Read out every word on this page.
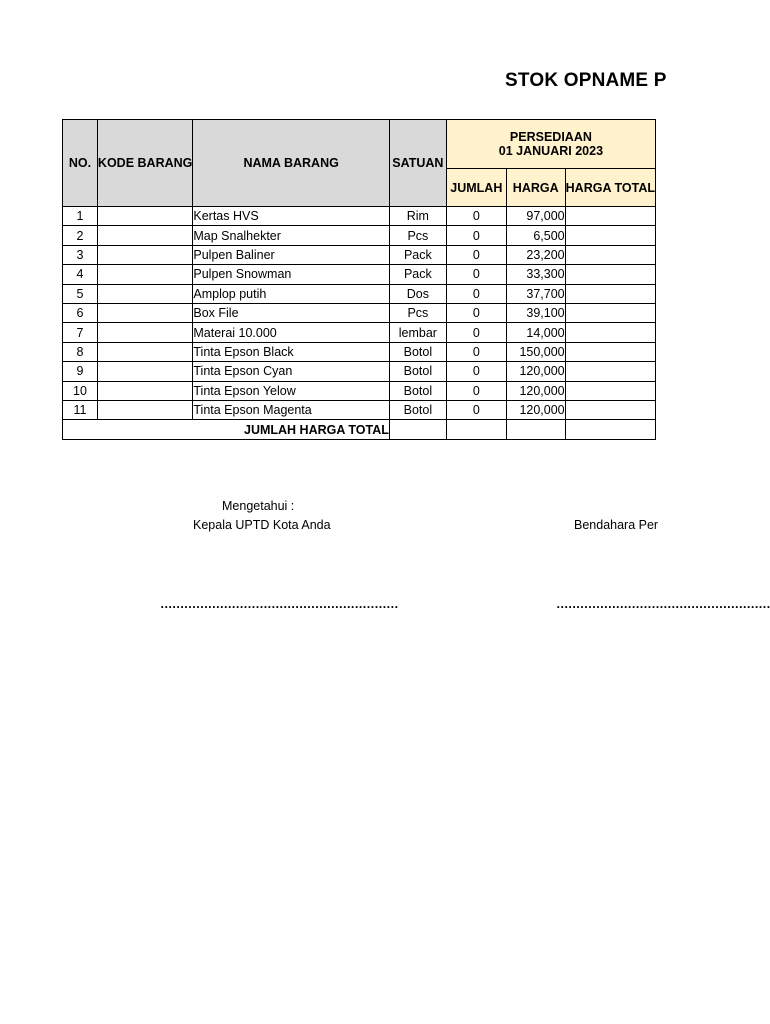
STOK OPNAME P
NO.	KODE BARANG	NAMA BARANG	SATUAN	PERSEDIAAN
01 JANUARI 2023		

				JUMLAH	HARGA	HARGA TOTAL
1		Kertas HVS	Rim	0	97,000	
2		Map Snalhekter	Pcs	0	6,500	
3		Pulpen Baliner	Pack	0	23,200	
4		Pulpen Snowman	Pack	0	33,300	
5		Amplop putih	Dos	0	37,700	
6		Box File	Pcs	0	39,100	
7		Materai 10.000	lembar	0	14,000	
8		Tinta Epson Black	Botol	0	150,000	
9		Tinta Epson Cyan	Botol	0	120,000	
10		Tinta Epson Yelow	Botol	0	120,000	
11		Tinta Epson Magenta	Botol	0	120,000	
JUMLAH HARGA TOTAL						
Mengetahui :
Kepala UPTD Kota Anda	Bendahara Per
……………………………………………………	………………………………………………
